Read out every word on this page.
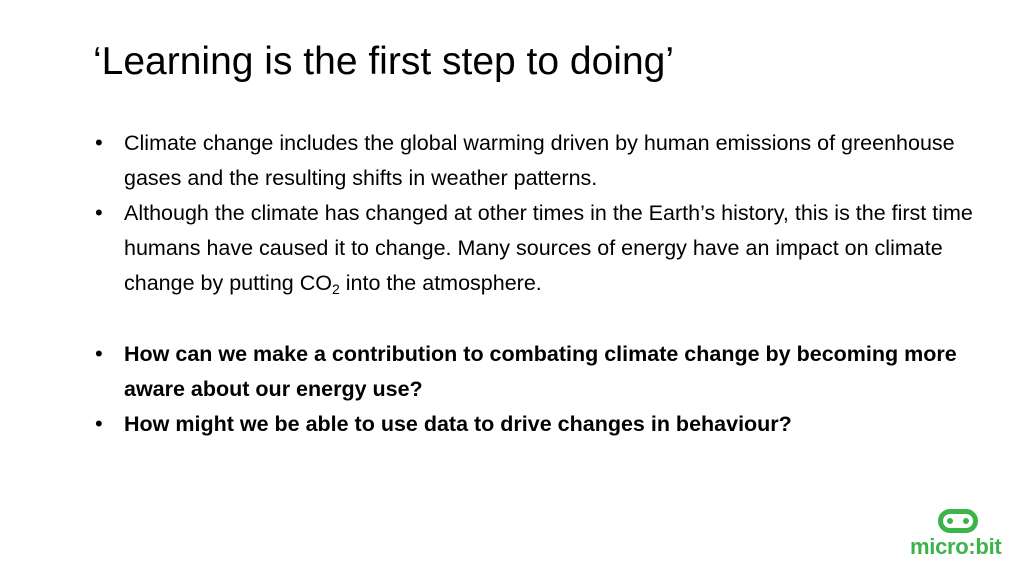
‘Learning is the first step to doing’
• Climate change includes the global warming driven by human emissions of greenhouse gases and the resulting shifts in weather patterns.
• Although the climate has changed at other times in the Earth’s history, this is the first time humans have caused it to change. Many sources of energy have an impact on climate change by putting $CO_2$ into the atmosphere.
• How can we make a contribution to combating climate change by becoming more aware about our energy use?
• How might we be able to use data to drive changes in behaviour?
micro:bit
